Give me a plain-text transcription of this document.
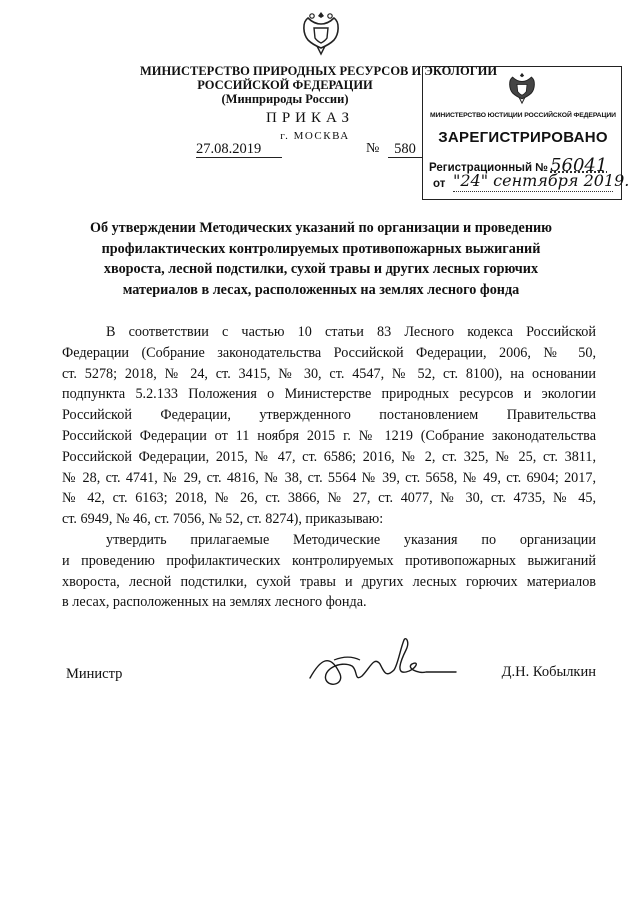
МИНИСТЕРСТВО ПРИРОДНЫХ РЕСУРСОВ И ЭКОЛОГИИ
РОССИЙСКОЙ ФЕДЕРАЦИИ
(Минприроды России)
ПРИКАЗ
г. МОСКВА
27.08.2019	№	580
МИНИСТЕРСТВО ЮСТИЦИИ РОССИЙСКОЙ ФЕДЕРАЦИИ
ЗАРЕГИСТРИРОВАНО
Регистрационный № 56041
от "24" сентября 2019.
Об утверждении Методических указаний по организации и проведению
профилактических контролируемых противопожарных выжиганий
хвороста, лесной подстилки, сухой травы и других лесных горючих
материалов в лесах, расположенных на землях лесного фонда
В соответствии с частью 10 статьи 83 Лесного кодекса Российской
Федерации (Собрание законодательства Российской Федерации, 2006, № 50,
ст. 5278; 2018, № 24, ст. 3415, № 30, ст. 4547, № 52, ст. 8100), на основании
подпункта 5.2.133 Положения о Министерстве природных ресурсов и экологии
Российской Федерации, утвержденного постановлением Правительства
Российской Федерации от 11 ноября 2015 г. № 1219 (Собрание законодательства
Российской Федерации, 2015, № 47, ст. 6586; 2016, № 2, ст. 325, № 25, ст. 3811,
№ 28, ст. 4741, № 29, ст. 4816, № 38, ст. 5564 № 39, ст. 5658, № 49, ст. 6904; 2017,
№ 42, ст. 6163; 2018, № 26, ст. 3866, № 27, ст. 4077, № 30, ст. 4735, № 45,
ст. 6949, № 46, ст. 7056, № 52, ст. 8274), приказываю:
утвердить прилагаемые Методические указания по организации
и проведению профилактических контролируемых противопожарных выжиганий
хвороста, лесной подстилки, сухой травы и других лесных горючих материалов
в лесах, расположенных на землях лесного фонда.
Министр	Д.Н. Кобылкин
